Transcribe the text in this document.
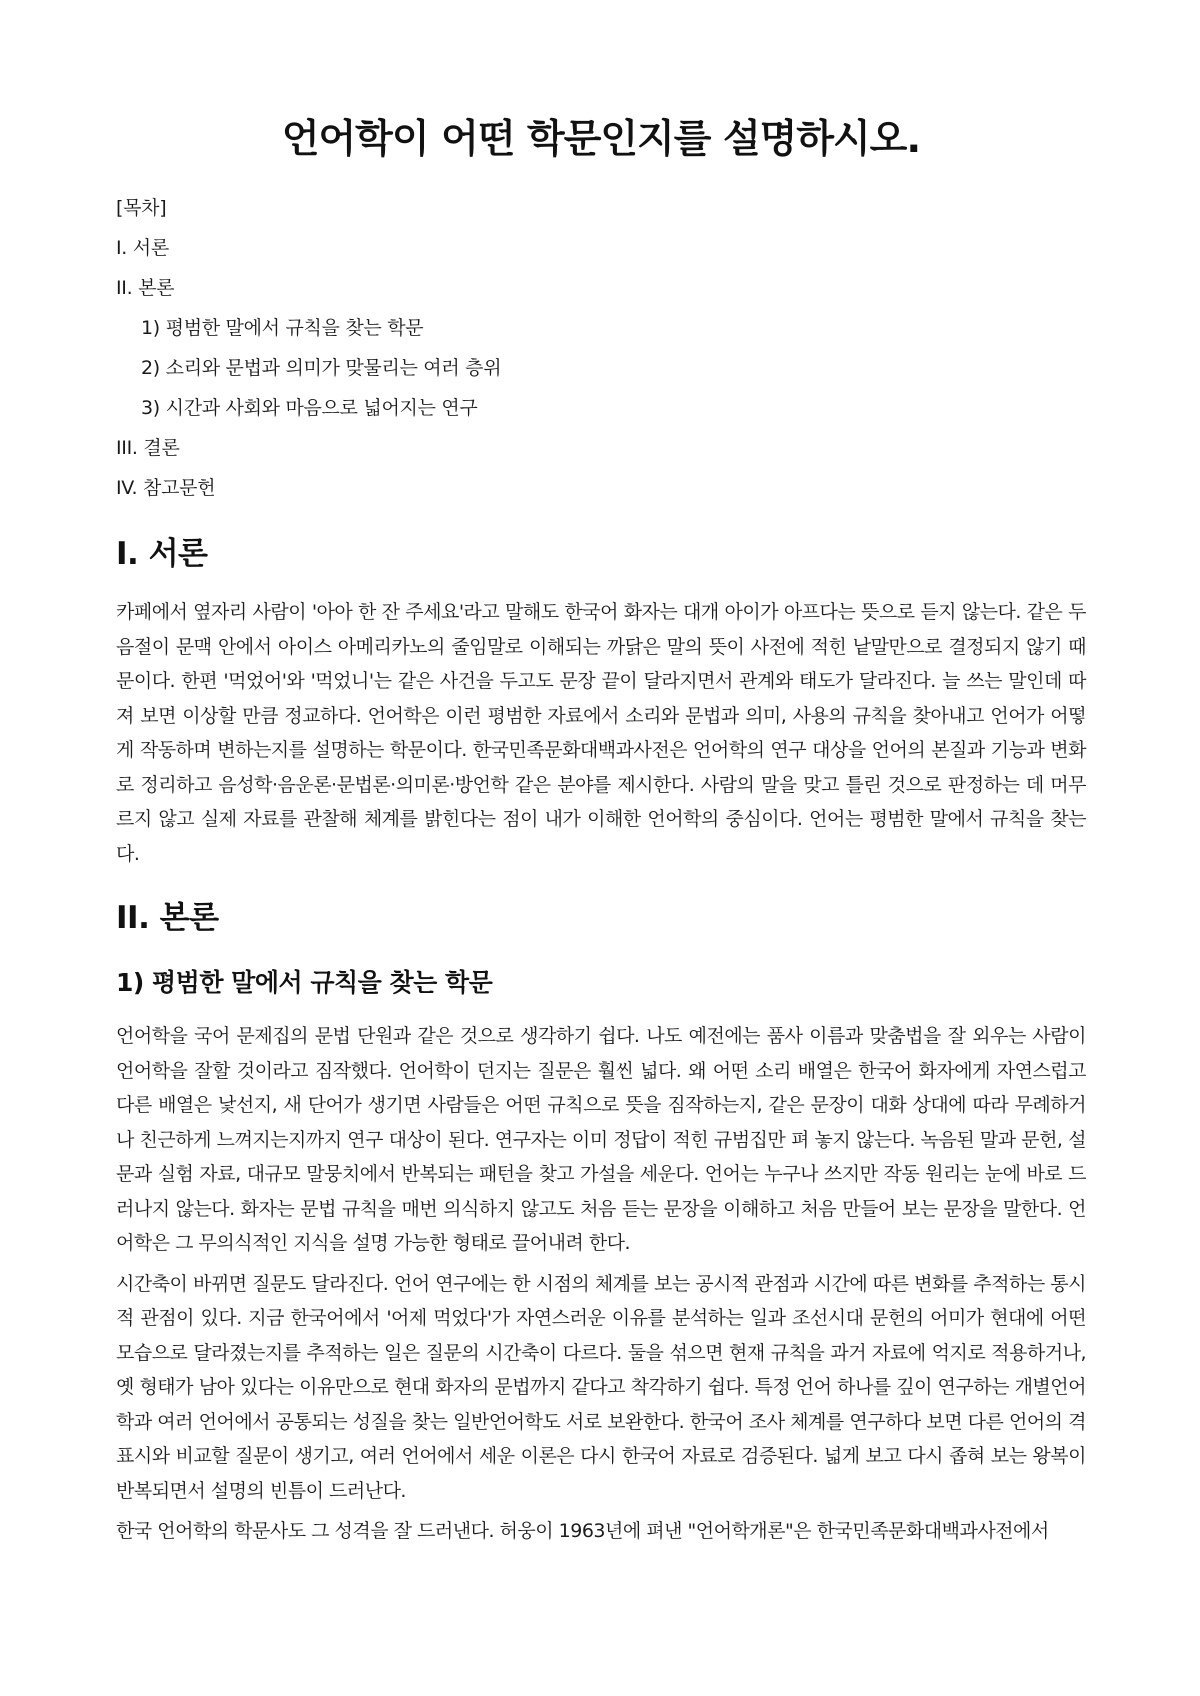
언어학이 어떤 학문인지를 설명하시오.
[목차]
I. 서론
II. 본론
1) 평범한 말에서 규칙을 찾는 학문
2) 소리와 문법과 의미가 맞물리는 여러 층위
3) 시간과 사회와 마음으로 넓어지는 연구
III. 결론
IV. 참고문헌
I. 서론

카페에서 옆자리 사람이 '아아 한 잔 주세요'라고 말해도 한국어 화자는 대개 아이가 아프다는 뜻으로 듣지 않는다. 같은 두 음절이 문맥 안에서 아이스 아메리카노의 줄임말로 이해되는 까닭은 말의 뜻이 사전에 적힌 낱말만으로 결정되지 않기 때문이다. 한편 '먹었어'와 '먹었니'는 같은 사건을 두고도 문장 끝이 달라지면서 관계와 태도가 달라진다. 늘 쓰는 말인데 따져 보면 이상할 만큼 정교하다. 언어학은 이런 평범한 자료에서 소리와 문법과 의미, 사용의 규칙을 찾아내고 언어가 어떻게 작동하며 변하는지를 설명하는 학문이다. 한국민족문화대백과사전은 언어학의 연구 대상을 언어의 본질과 기능과 변화로 정리하고 음성학·음운론·문법론·의미론·방언학 같은 분야를 제시한다. 사람의 말을 맞고 틀린 것으로 판정하는 데 머무르지 않고 실제 자료를 관찰해 체계를 밝힌다는 점이 내가 이해한 언어학의 중심이다. 언어는 평범한 말에서 규칙을 찾는다.

II. 본론
1) 평범한 말에서 규칙을 찾는 학문

언어학을 국어 문제집의 문법 단원과 같은 것으로 생각하기 쉽다. 나도 예전에는 품사 이름과 맞춤법을 잘 외우는 사람이 언어학을 잘할 것이라고 짐작했다. 언어학이 던지는 질문은 훨씬 넓다. 왜 어떤 소리 배열은 한국어 화자에게 자연스럽고 다른 배열은 낯선지, 새 단어가 생기면 사람들은 어떤 규칙으로 뜻을 짐작하는지, 같은 문장이 대화 상대에 따라 무례하거나 친근하게 느껴지는지까지 연구 대상이 된다. 연구자는 이미 정답이 적힌 규범집만 펴 놓지 않는다. 녹음된 말과 문헌, 설문과 실험 자료, 대규모 말뭉치에서 반복되는 패턴을 찾고 가설을 세운다. 언어는 누구나 쓰지만 작동 원리는 눈에 바로 드러나지 않는다. 화자는 문법 규칙을 매번 의식하지 않고도 처음 듣는 문장을 이해하고 처음 만들어 보는 문장을 말한다. 언어학은 그 무의식적인 지식을 설명 가능한 형태로 끌어내려 한다.

시간축이 바뀌면 질문도 달라진다. 언어 연구에는 한 시점의 체계를 보는 공시적 관점과 시간에 따른 변화를 추적하는 통시적 관점이 있다. 지금 한국어에서 '어제 먹었다'가 자연스러운 이유를 분석하는 일과 조선시대 문헌의 어미가 현대에 어떤 모습으로 달라졌는지를 추적하는 일은 질문의 시간축이 다르다. 둘을 섞으면 현재 규칙을 과거 자료에 억지로 적용하거나, 옛 형태가 남아 있다는 이유만으로 현대 화자의 문법까지 같다고 착각하기 쉽다. 특정 언어 하나를 깊이 연구하는 개별언어학과 여러 언어에서 공통되는 성질을 찾는 일반언어학도 서로 보완한다. 한국어 조사 체계를 연구하다 보면 다른 언어의 격 표시와 비교할 질문이 생기고, 여러 언어에서 세운 이론은 다시 한국어 자료로 검증된다. 넓게 보고 다시 좁혀 보는 왕복이 반복되면서 설명의 빈틈이 드러난다.

한국 언어학의 학문사도 그 성격을 잘 드러낸다. 허웅이 1963년에 펴낸 "언어학개론"은 한국민족문화대백과사전에서
